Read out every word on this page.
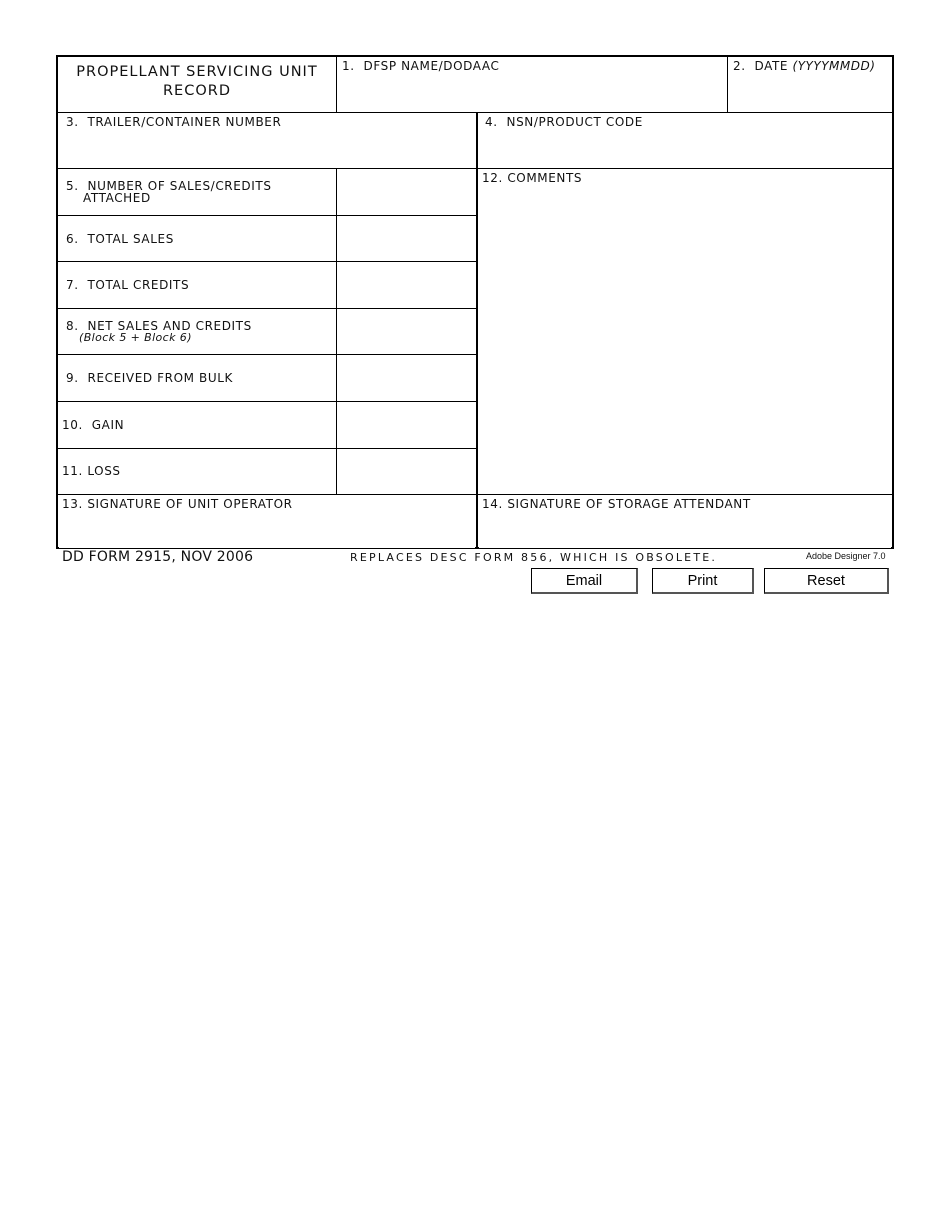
PROPELLANT SERVICING UNIT RECORD
1. DFSP NAME/DODAAC	2. DATE (YYYYMMDD)
3. TRAILER/CONTAINER NUMBER	4. NSN/PRODUCT CODE
5. NUMBER OF SALES/CREDITS
ATTACHED
6. TOTAL SALES
7. TOTAL CREDITS
8. NET SALES AND CREDITS
(Block 5 + Block 6)
9. RECEIVED FROM BULK
10. GAIN
11. LOSS
12. COMMENTS
13. SIGNATURE OF UNIT OPERATOR	14. SIGNATURE OF STORAGE ATTENDANT
DD FORM 2915, NOV 2006	REPLACES DESC FORM 856, WHICH IS OBSOLETE.	Adobe Designer 7.0
Email	Print	Reset
